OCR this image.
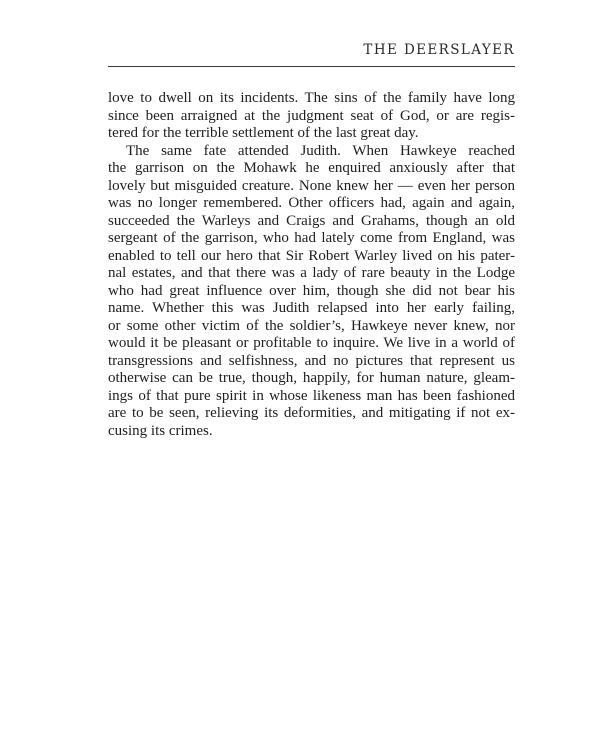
THE DEERSLAYER
love to dwell on its incidents. The sins of the family have long
since been arraigned at the judgment seat of God, or are regis-
tered for the terrible settlement of the last great day.
The same fate attended Judith. When Hawkeye reached
the garrison on the Mohawk he enquired anxiously after that
lovely but misguided creature. None knew her — even her person
was no longer remembered. Other officers had, again and again,
succeeded the Warleys and Craigs and Grahams, though an old
sergeant of the garrison, who had lately come from England, was
enabled to tell our hero that Sir Robert Warley lived on his pater-
nal estates, and that there was a lady of rare beauty in the Lodge
who had great influence over him, though she did not bear his
name. Whether this was Judith relapsed into her early failing,
or some other victim of the soldier’s, Hawkeye never knew, nor
would it be pleasant or profitable to inquire. We live in a world of
transgressions and selfishness, and no pictures that represent us
otherwise can be true, though, happily, for human nature, gleam-
ings of that pure spirit in whose likeness man has been fashioned
are to be seen, relieving its deformities, and mitigating if not ex-
cusing its crimes.
